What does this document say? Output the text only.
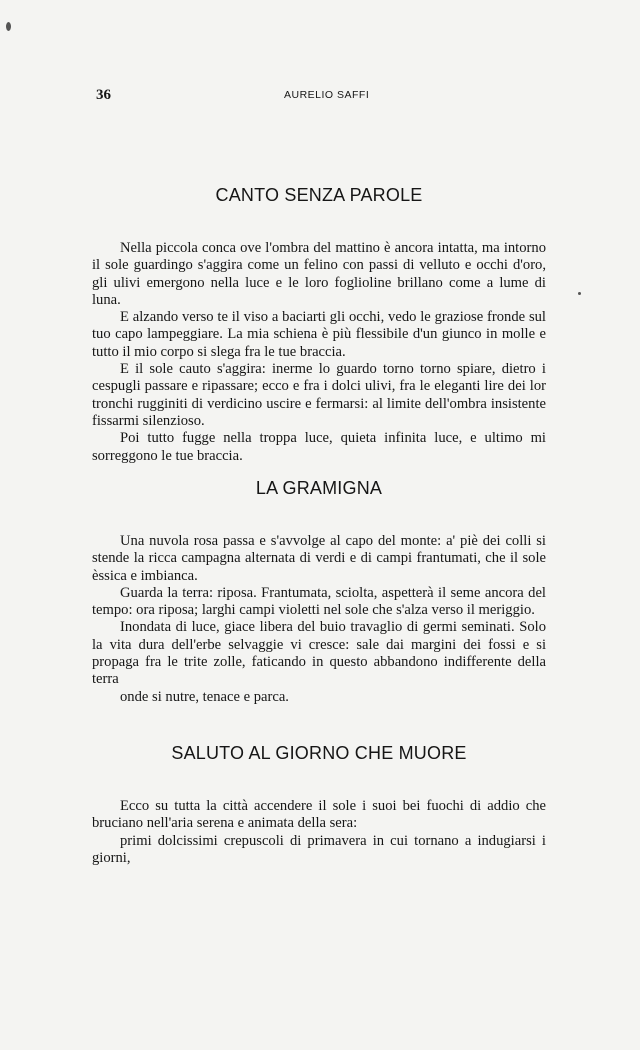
36	AURELIO SAFFI
CANTO SENZA PAROLE

Nella piccola conca ove l'ombra del mattino è ancora intatta, ma intorno il sole guardingo s'aggira come un felino con passi di velluto e occhi d'oro, gli ulivi emergono nella luce e le loro foglioline brillano come a lume di luna.

E alzando verso te il viso a baciarti gli occhi, vedo le graziose fronde sul tuo capo lampeggiare. La mia schiena è più flessibile d'un giunco in molle e tutto il mio corpo si slega fra le tue braccia.

E il sole cauto s'aggira: inerme lo guardo torno torno spiare, dietro i cespugli passare e ripassare; ecco e fra i dolci ulivi, fra le eleganti lire dei lor tronchi rugginiti di verdicino uscire e fermarsi: al limite dell'ombra insistente fissarmi silenzioso.

Poi tutto fugge nella troppa luce, quieta infinita luce, e ultimo mi sorreggono le tue braccia.

LA GRAMIGNA

Una nuvola rosa passa e s'avvolge al capo del monte: a' piè dei colli si stende la ricca campagna alternata di verdi e di campi frantumati, che il sole èssica e imbianca.

Guarda la terra: riposa. Frantumata, sciolta, aspetterà il seme ancora del tempo: ora riposa; larghi campi violetti nel sole che s'alza verso il meriggio.

Inondata di luce, giace libera del buio travaglio di germi seminati. Solo la vita dura dell'erbe selvaggie vi cresce: sale dai margini dei fossi e si propaga fra le trite zolle, faticando in questo abbandono indifferente della terra

onde si nutre, tenace e parca.

SALUTO AL GIORNO CHE MUORE

Ecco su tutta la città accendere il sole i suoi bei fuochi di addio che bruciano nell'aria serena e animata della sera:

primi dolcissimi crepuscoli di primavera in cui tornano a indugiarsi i giorni,
